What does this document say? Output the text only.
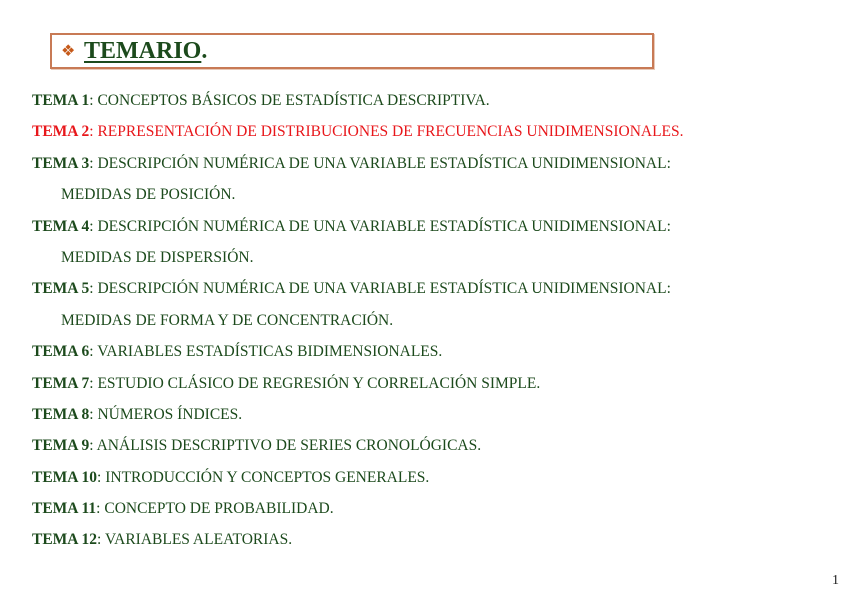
❖ TEMARIO.
TEMA 1: CONCEPTOS BÁSICOS DE ESTADÍSTICA DESCRIPTIVA.
TEMA 2: REPRESENTACIÓN DE DISTRIBUCIONES DE FRECUENCIAS UNIDIMENSIONALES.
TEMA 3: DESCRIPCIÓN NUMÉRICA DE UNA VARIABLE ESTADÍSTICA UNIDIMENSIONAL:
MEDIDAS DE POSICIÓN.
TEMA 4: DESCRIPCIÓN NUMÉRICA DE UNA VARIABLE ESTADÍSTICA UNIDIMENSIONAL:
MEDIDAS DE DISPERSIÓN.
TEMA 5: DESCRIPCIÓN NUMÉRICA DE UNA VARIABLE ESTADÍSTICA UNIDIMENSIONAL:
MEDIDAS DE FORMA Y DE CONCENTRACIÓN.
TEMA 6: VARIABLES ESTADÍSTICAS BIDIMENSIONALES.
TEMA 7: ESTUDIO CLÁSICO DE REGRESIÓN Y CORRELACIÓN SIMPLE.
TEMA 8: NÚMEROS ÍNDICES.
TEMA 9: ANÁLISIS DESCRIPTIVO DE SERIES CRONOLÓGICAS.
TEMA 10: INTRODUCCIÓN Y CONCEPTOS GENERALES.
TEMA 11: CONCEPTO DE PROBABILIDAD.
TEMA 12: VARIABLES ALEATORIAS.
1
